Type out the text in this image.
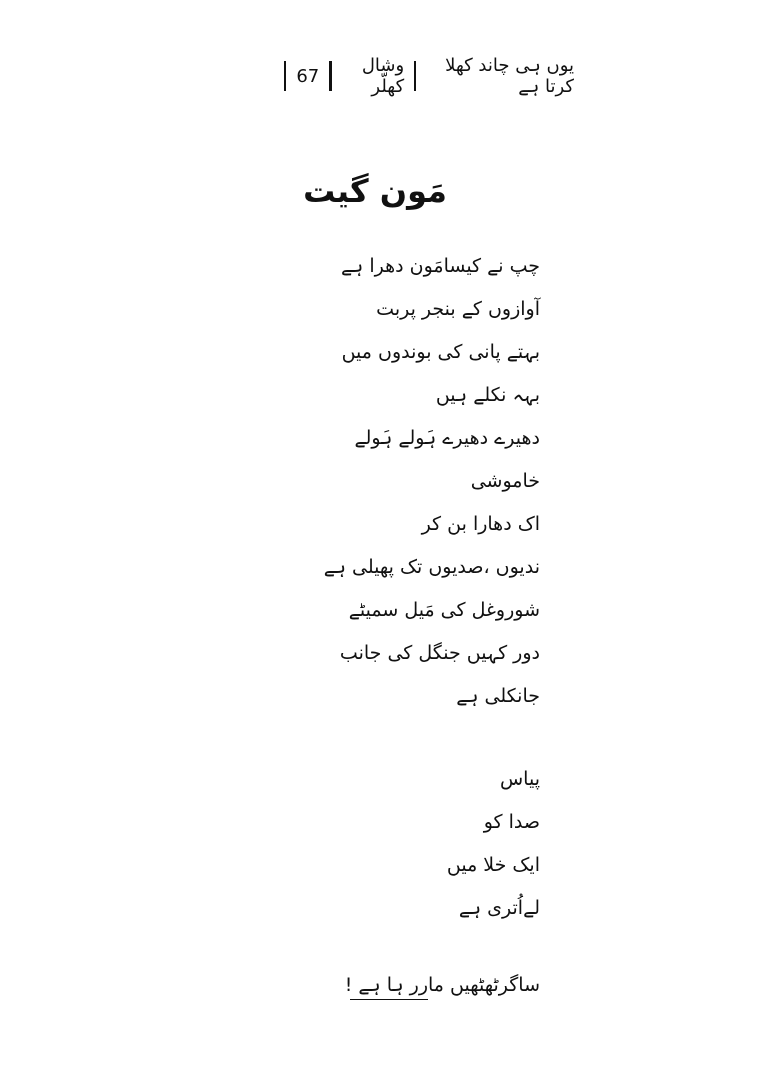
یوں ہی چاند کھلا کرتا ہے
وشال کھلّر
67
مَون گیت
چپ نے کیسامَون دھرا ہے
آوازوں کے بنجر پربت
بہتے پانی کی بوندوں میں
بہہ نکلے ہیں
دھیرے دھیرے ہَولے ہَولے
خاموشی
اک دھارا بن کر
ندیوں ،صدیوں تک پھیلی ہے
شوروغل کی مَیل سمیٹے
دور کہیں جنگل کی جانب
جانکلی ہے
پیاس
صدا کو
ایک خلا میں
لےاُتری ہے
ساگرٹھٹھیں مارر ہا ہے !
